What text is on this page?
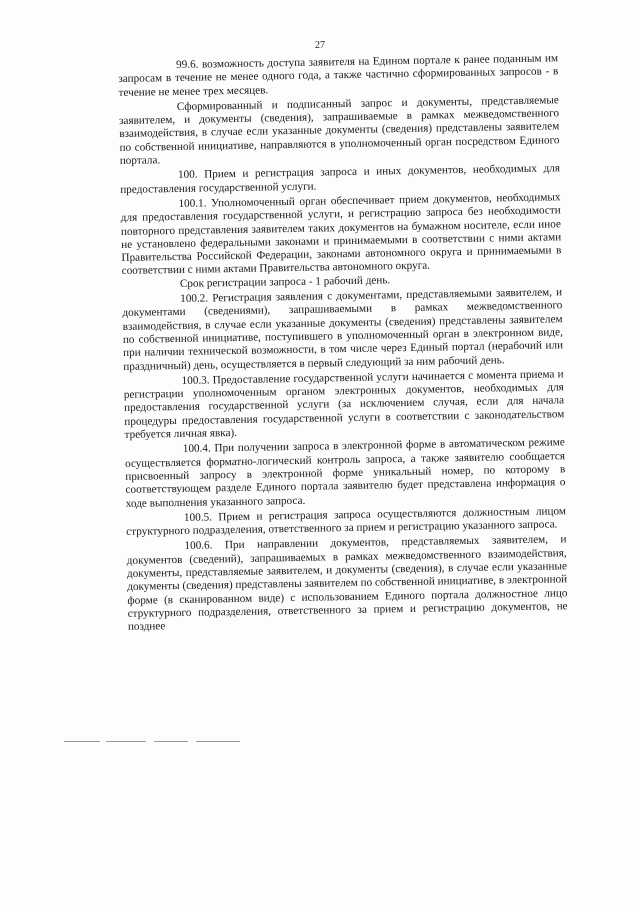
27

99.6. возможность доступа заявителя на Едином портале к ранее поданным им запросам в течение не менее одного года, а также частично сформированных запросов - в течение не менее трех месяцев.

Сформированный и подписанный запрос и документы, представляемые заявителем, и документы (сведения), запрашиваемые в рамках межведомственного взаимодействия, в случае если указанные документы (сведения) представлены заявителем по собственной инициативе, направляются в уполномоченный орган посредством Единого портала.

100. Прием и регистрация запроса и иных документов, необходимых для предоставления государственной услуги.

100.1. Уполномоченный орган обеспечивает прием документов, необходимых для предоставления государственной услуги, и регистрацию запроса без необходимости повторного представления заявителем таких документов на бумажном носителе, если иное не установлено федеральными законами и принимаемыми в соответствии с ними актами Правительства Российской Федерации, законами автономного округа и принимаемыми в соответствии с ними актами Правительства автономного округа.

Срок регистрации запроса - 1 рабочий день.

100.2. Регистрация заявления с документами, представляемыми заявителем, и документами (сведениями), запрашиваемыми в рамках межведомственного взаимодействия, в случае если указанные документы (сведения) представлены заявителем по собственной инициативе, поступившего в уполномоченный орган в электронном виде, при наличии технической возможности, в том числе через Единый портал (нерабочий или праздничный) день, осуществляется в первый следующий за ним рабочий день.

100.3. Предоставление государственной услуги начинается с момента приема и регистрации уполномоченным органом электронных документов, необходимых для предоставления государственной услуги (за исключением случая, если для начала процедуры предоставления государственной услуги в соответствии с законодательством требуется личная явка).

100.4. При получении запроса в электронной форме в автоматическом режиме осуществляется форматно-логический контроль запроса, а также заявителю сообщается присвоенный запросу в электронной форме уникальный номер, по которому в соответствующем разделе Единого портала заявителю будет представлена информация о ходе выполнения указанного запроса.

100.5. Прием и регистрация запроса осуществляются должностным лицом структурного подразделения, ответственного за прием и регистрацию указанного запроса.

100.6. При направлении документов, представляемых заявителем, и документов (сведений), запрашиваемых в рамках межведомственного взаимодействия, документы, представляемые заявителем, и документы (сведения), в случае если указанные документы (сведения) представлены заявителем по собственной инициативе, в электронной форме (в сканированном виде) с использованием Единого портала должностное лицо структурного подразделения, ответственного за прием и регистрацию документов, не позднее
